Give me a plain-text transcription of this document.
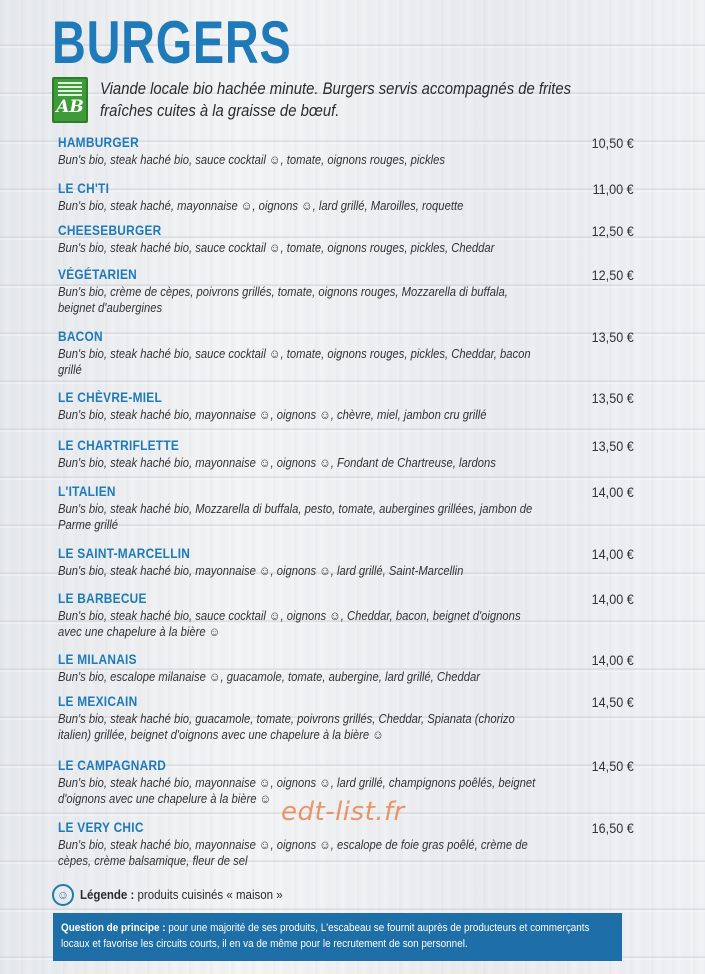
BURGERS
AB
Viande locale bio hachée minute. Burgers servis accompagnés de frites fraîches cuites à la graisse de bœuf.
HAMBURGER	10,50 €
Bun's bio, steak haché bio, sauce cocktail ☺, tomate, oignons rouges, pickles
LE CH'TI	11,00 €
Bun's bio, steak haché, mayonnaise ☺, oignons ☺, lard grillé, Maroilles, roquette
CHEESEBURGER	12,50 €
Bun's bio, steak haché bio, sauce cocktail ☺, tomate, oignons rouges, pickles, Cheddar
VÉGÉTARIEN	12,50 €
Bun's bio, crème de cèpes, poivrons grillés, tomate, oignons rouges, Mozzarella di buffala, beignet d'aubergines
BACON	13,50 €
Bun's bio, steak haché bio, sauce cocktail ☺, tomate, oignons rouges, pickles, Cheddar, bacon grillé
LE CHÈVRE-MIEL	13,50 €
Bun's bio, steak haché bio, mayonnaise ☺, oignons ☺, chèvre, miel, jambon cru grillé
LE CHARTRIFLETTE	13,50 €
Bun's bio, steak haché bio, mayonnaise ☺, oignons ☺, Fondant de Chartreuse, lardons
L'ITALIEN	14,00 €
Bun's bio, steak haché bio, Mozzarella di buffala, pesto, tomate, aubergines grillées, jambon de Parme grillé
LE SAINT-MARCELLIN	14,00 €
Bun's bio, steak haché bio, mayonnaise ☺, oignons ☺, lard grillé, Saint-Marcellin
LE BARBECUE	14,00 €
Bun's bio, steak haché bio, sauce cocktail ☺, oignons ☺, Cheddar, bacon, beignet d'oignons avec une chapelure à la bière ☺
LE MILANAIS	14,00 €
Bun's bio, escalope milanaise ☺, guacamole, tomate, aubergine, lard grillé, Cheddar
LE MEXICAIN	14,50 €
Bun's bio, steak haché bio, guacamole, tomate, poivrons grillés, Cheddar, Spianata (chorizo italien) grillée, beignet d'oignons avec une chapelure à la bière ☺
LE CAMPAGNARD	14,50 €
Bun's bio, steak haché bio, mayonnaise ☺, oignons ☺, lard grillé, champignons poêlés, beignet d'oignons avec une chapelure à la bière ☺
LE VERY CHIC	16,50 €
Bun's bio, steak haché bio, mayonnaise ☺, oignons ☺, escalope de foie gras poêlé, crème de cèpes, crème balsamique, fleur de sel
edt-list.fr
☺ Légende : produits cuisinés « maison »
Question de principe : pour une majorité de ses produits, L'escabeau se fournit auprès de producteurs et commerçants locaux et favorise les circuits courts, il en va de même pour le recrutement de son personnel.
